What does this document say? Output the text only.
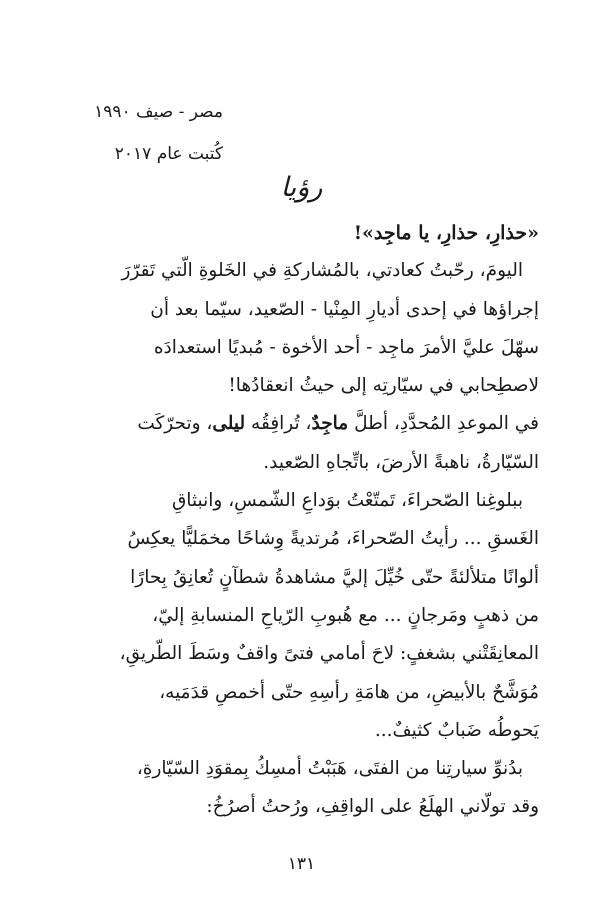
مصر - صيف ١٩٩٠
كُتبت عام ٢٠١٧
رؤيا
«حذارِ، حذارِ، يا ماجِد»!
اليومَ، رحّبتُ كعادتي، بالمُشاركةِ في الخَلوةِ الّتي تَقرّرَ
إجراؤها في إحدى أديارِ المِنْيا - الصّعيد، سيّما بعد أن
سهّلَ عليَّ الأمرَ ماجِد - أحد الأخوة - مُبديًا استعدادَه
لاصطِحابي في سيّارتِه إلى حيثُ انعقادُها!
في الموعدِ المُحدَّدِ، أطلَّ ماجِدٌ، تُرافِقُه ليلى، وتحرّكَت
السّيّارةُ، ناهبةً الأرضَ، باتِّجاهِ الصّعيد.
ببلوغِنا الصّحراءَ، تَمتّعْتُ بوَداعِ الشّمسِ، وانبثاقِ
الغَسقِ ... رأيتُ الصّحراءَ، مُرتديةً وِشاحًا مخمَليًّا يعكِسُ
ألوانًا متلألئةً حتّى خُيِّلَ إليَّ مشاهدةُ شطآنٍ تُعانِقُ بِحارًا
من ذهبٍ ومَرجانٍ ... مع هُبوبِ الرّياحِ المنسابةِ إليّ،
المعانِقَتْني بشغفٍ: لاحَ أمامي فتىً واقفٌ وسَطَ الطّريقِ،
مُوَشَّحٌ بالأبيضِ، من هامَةِ رأسِهِ حتّى أخمصِ قدَمَيه،
يَحوطُه ضَبابٌ كثيفٌ...
بدُنوِّ سيارتِنا من الفتَى، هَبَبْتُ أمسِكُ بِمقوَدِ السّيّارةِ،
وقد تولّاني الهلَعُ على الواقِفِ، ورُحتُ أصرُخُ:
١٣١
